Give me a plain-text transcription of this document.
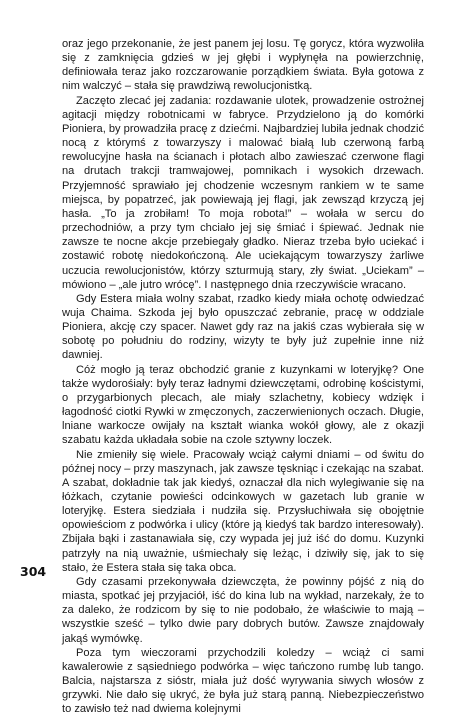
oraz jego przekonanie, że jest panem jej losu. Tę gorycz, która wyzwoliła się z zamknięcia gdzieś w jej głębi i wypłynęła na powierzchnię, definiowała teraz jako rozczarowanie porządkiem świata. Była gotowa z nim walczyć – stała się prawdziwą rewolucjonistką.

Zaczęto zlecać jej zadania: rozdawanie ulotek, prowadzenie ostrożnej agitacji między robotnicami w fabryce. Przydzielono ją do komórki Pioniera, by prowadziła pracę z dziećmi. Najbardziej lubiła jednak chodzić nocą z którymś z towarzyszy i malować białą lub czerwoną farbą rewolucyjne hasła na ścianach i płotach albo zawieszać czerwone flagi na drutach trakcji tramwajowej, pomnikach i wysokich drzewach. Przyjemność sprawiało jej chodzenie wczesnym rankiem w te same miejsca, by popatrzeć, jak powiewają jej flagi, jak zewsząd krzyczą jej hasła. „To ja zrobiłam! To moja robota!” – wołała w sercu do przechodniów, a przy tym chciało jej się śmiać i śpiewać. Jednak nie zawsze te nocne akcje przebiegały gładko. Nieraz trzeba było uciekać i zostawić robotę niedokończoną. Ale uciekającym towarzyszy żarliwe uczucia rewolucjonistów, którzy szturmują stary, zły świat. „Uciekam” – mówiono – „ale jutro wrócę”. I następnego dnia rzeczywiście wracano.

Gdy Estera miała wolny szabat, rzadko kiedy miała ochotę odwiedzać wuja Chaima. Szkoda jej było opuszczać zebranie, pracę w oddziale Pioniera, akcję czy spacer. Nawet gdy raz na jakiś czas wybierała się w sobotę po południu do rodziny, wizyty te były już zupełnie inne niż dawniej.

Cóż mogło ją teraz obchodzić granie z kuzynkami w loteryjkę? One także wydorośiały: były teraz ładnymi dziewczętami, odrobinę kościstymi, o przygarbionych plecach, ale miały szlachetny, kobiecy wdzięk i łagodność ciotki Rywki w zmęczonych, zaczerwienionych oczach. Długie, lniane warkocze owijały na kształt wianka wokół głowy, ale z okazji szabatu każda układała sobie na czole sztywny loczek.

Nie zmieniły się wiele. Pracowały wciąż całymi dniami – od świtu do późnej nocy – przy maszynach, jak zawsze tęskniąc i czekając na szabat. A szabat, dokładnie tak jak kiedyś, oznaczał dla nich wylegiwanie się na łóżkach, czytanie powieści odcinkowych w gazetach lub granie w loteryjkę. Estera siedziała i nudziła się. Przysłuchiwała się obojętnie opowieściom z podwórka i ulicy (które ją kiedyś tak bardzo interesowały). Zbijała bąki i zastanawiała się, czy wypada jej już iść do domu. Kuzynki patrzyły na nią uważnie, uśmiechały się leżąc, i dziwiły się, jak to się stało, że Estera stała się taka obca.

Gdy czasami przekonywała dziewczęta, że powinny pójść z nią do miasta, spotkać jej przyjaciół, iść do kina lub na wykład, narzekały, że to za daleko, że rodzicom by się to nie podobało, że właściwie to mają – wszystkie sześć – tylko dwie pary dobrych butów. Zawsze znajdowały jakąś wymówkę.

Poza tym wieczorami przychodzili koledzy – wciąż ci sami kawalerowie z sąsiedniego podwórka – więc tańczono rumbę lub tango. Balcia, najstarsza z sióstr, miała już dość wyrywania siwych włosów z grzywki. Nie dało się ukryć, że była już starą panną. Niebezpieczeństwo to zawisło też nad dwiema kolejnymi

304
